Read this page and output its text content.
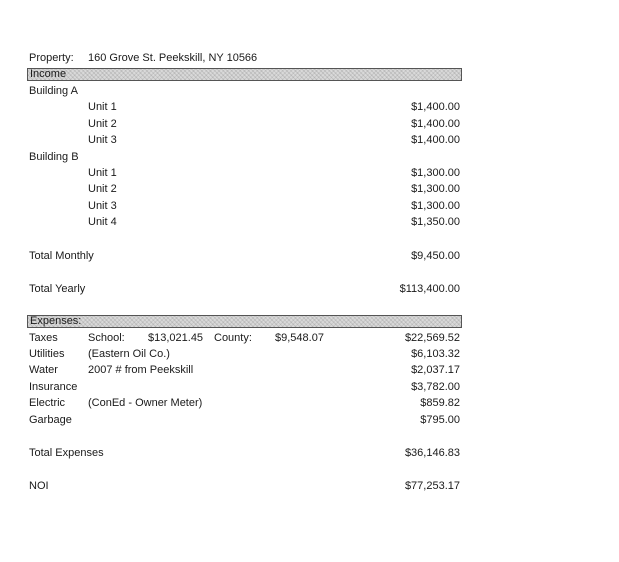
Property: 160 Grove St. Peekskill, NY 10566
Income
Building A
Unit 1	$1,400.00
Unit 2	$1,400.00
Unit 3	$1,400.00
Building B
Unit 1	$1,300.00
Unit 2	$1,300.00
Unit 3	$1,300.00
Unit 4	$1,350.00
Total Monthly	$9,450.00
Total Yearly	$113,400.00
Expenses:
Taxes	School: $13,021.45 County: $9,548.07	$22,569.52
Utilities (Eastern Oil Co.)	$6,103.32
Water	2007 # from Peekskill	$2,037.17
Insurance	$3,782.00
Electric (ConEd - Owner Meter)	$859.82
Garbage	$795.00
Total Expenses	$36,146.83
NOI	$77,253.17
